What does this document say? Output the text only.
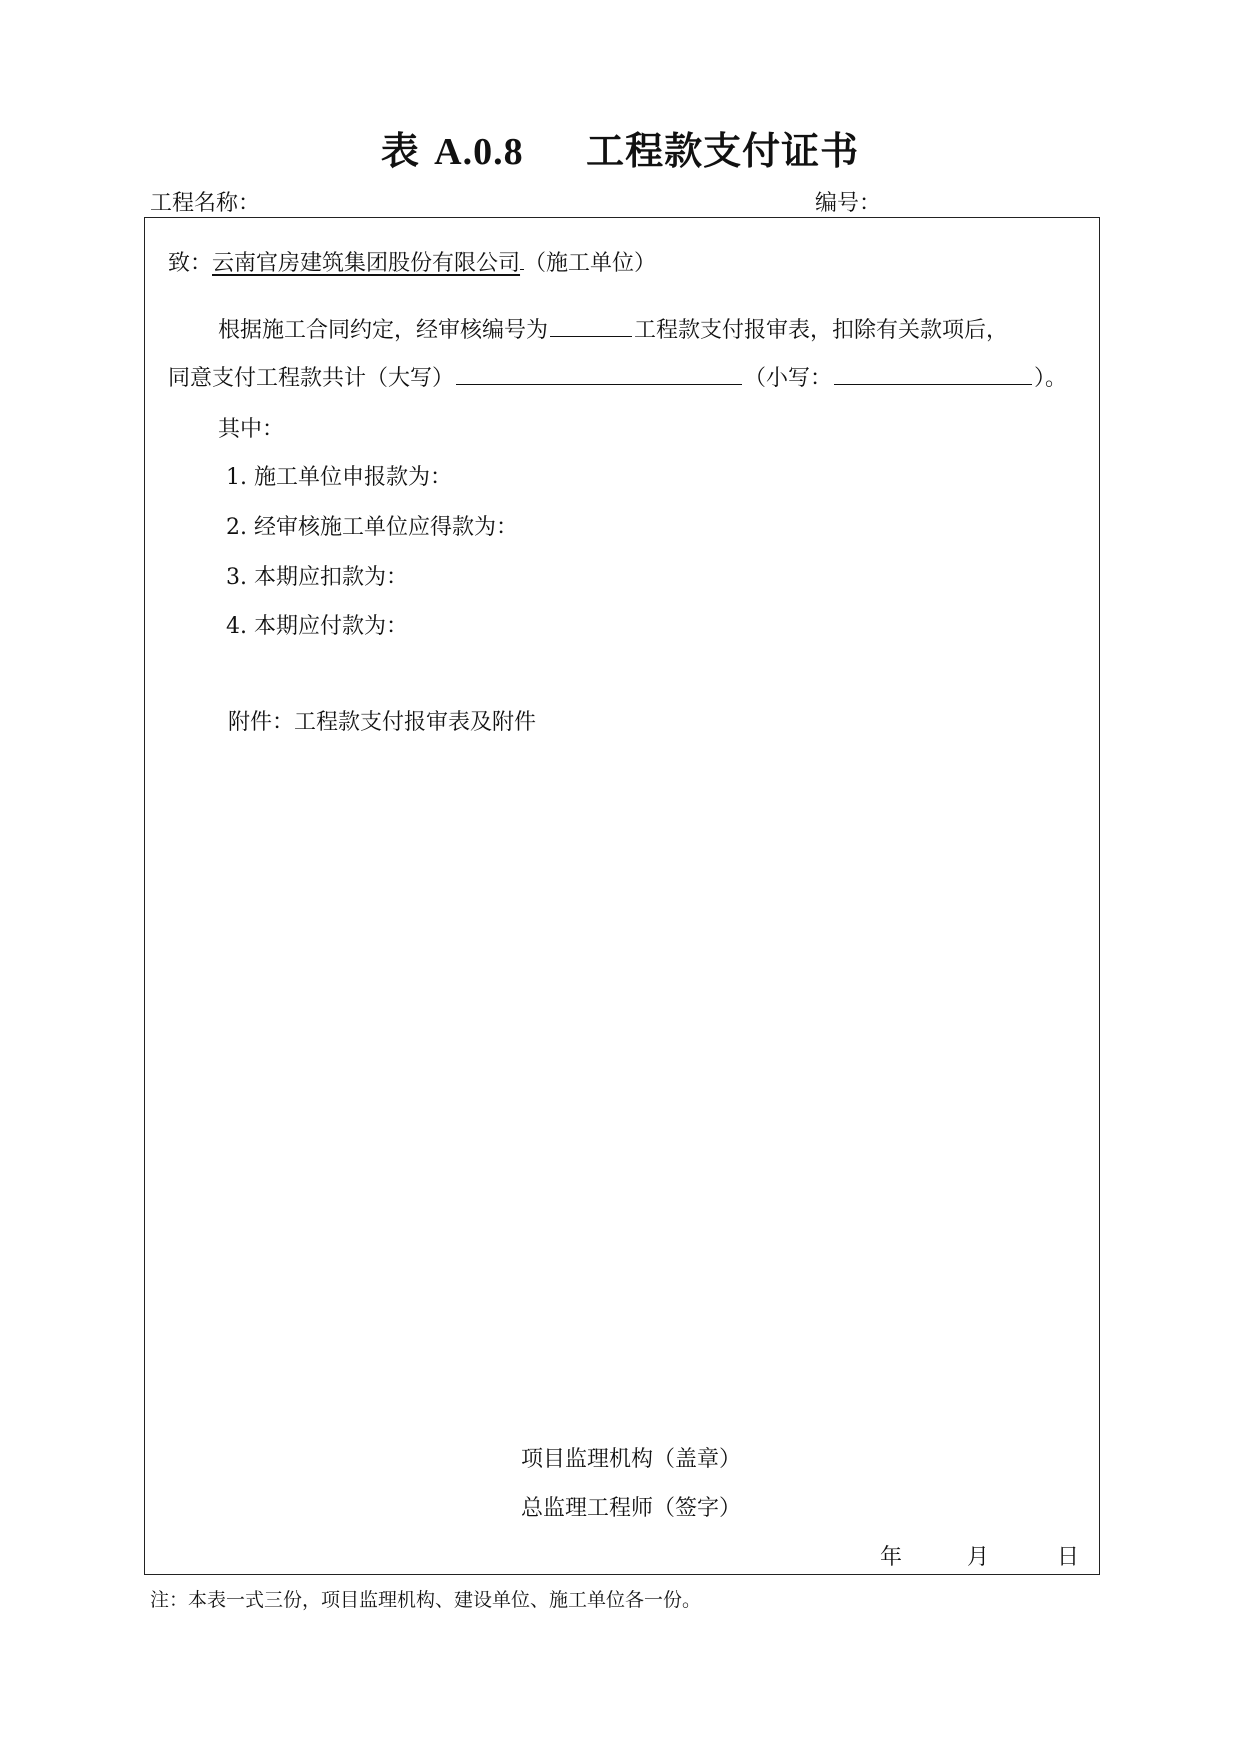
表 A.0.8 工程款支付证书
工程名称：	编号：
致：云南官房建筑集团股份有限公司 （施工单位）
根据施工合同约定，经审核编号为	工程款支付报审表，扣除有关款项后，
同意支付工程款共计（大写）	（小写：	）。
其中：
1. 施工单位申报款为：
2. 经审核施工单位应得款为：
3. 本期应扣款为：
4. 本期应付款为：
附件：工程款支付报审表及附件
项目监理机构（盖章）
总监理工程师（签字）
年	月	日
注：本表一式三份，项目监理机构、建设单位、施工单位各一份。
